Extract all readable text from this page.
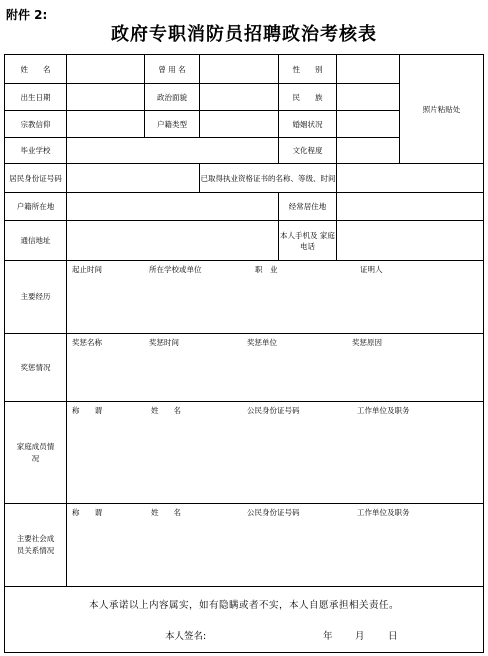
附件 2:
政府专职消防员招聘政治考核表
姓　　名		曾 用 名		性　　别		照片粘贴处
出生日期		政治面貌		民　　族		
宗教信仰		户籍类型		婚姻状况		
毕业学校				文化程度		
居民身份证号码			已取得执业资格证书的名称、等级、时间			
户籍所在地				经常居住地		
通信地址				本人手机及 家庭电话		
主要经历	起止时间 所在学校或单位 职　业 证明人					

奖惩情况	奖惩名称 奖惩时间 奖惩单位 奖惩原因					

家庭成员情况	称　　谓 姓　　名 公民身份证号码 工作单位及职务					

主要社会成员关系情况	称　　谓 姓　　名 公民身份证号码 工作单位及职务					

本人承诺以上内容属实，如有隐瞒或者不实，本人自愿承担相关责任。
本人签名: 年 月 日						
